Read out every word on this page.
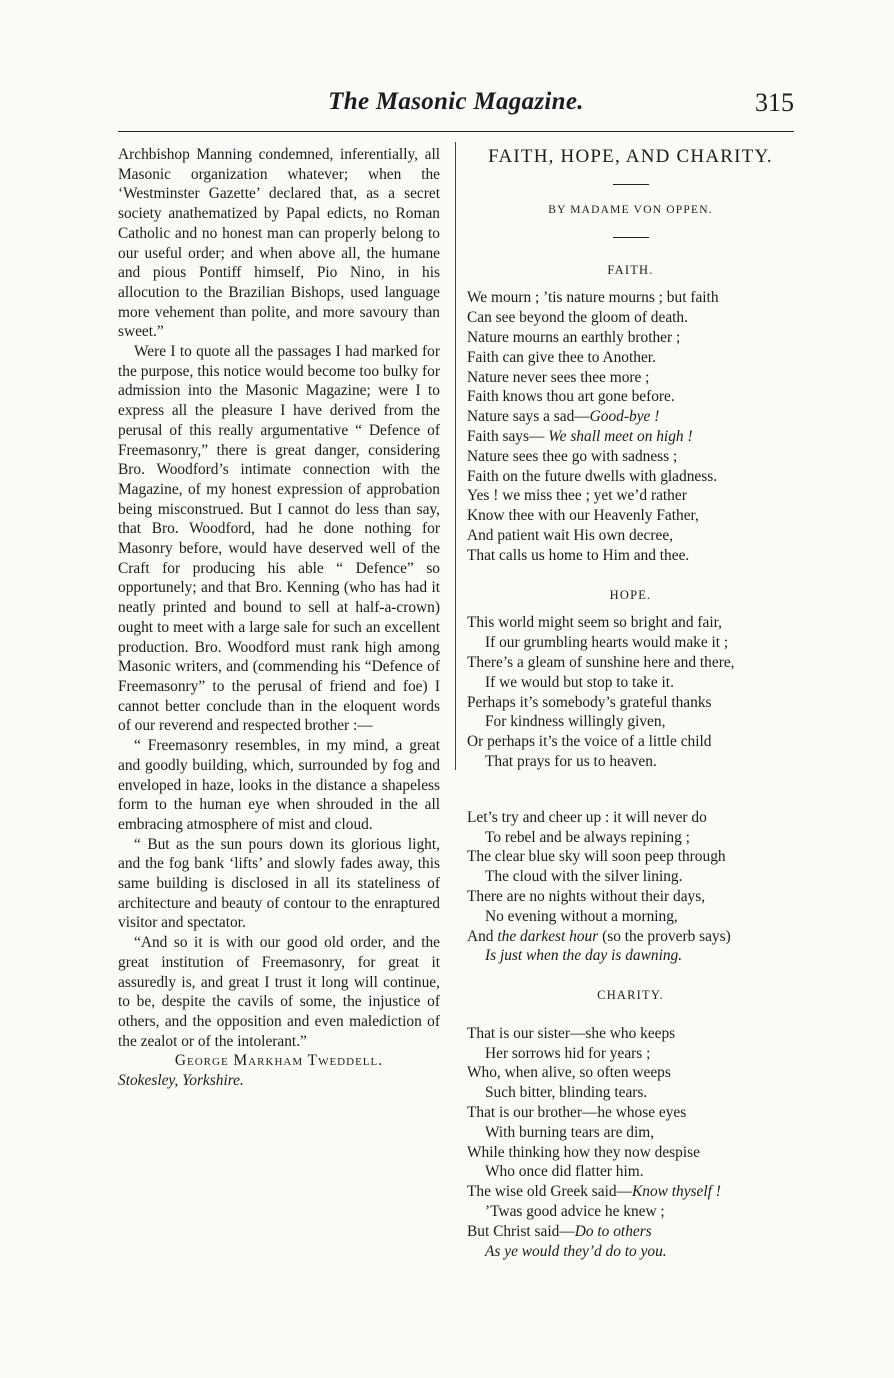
The Masonic Magazine.	315

Archbishop Manning condemned, inferentially, all Masonic organization whatever; when the ‘Westminster Gazette’ declared that, as a secret society anathematized by Papal edicts, no Roman Catholic and no honest man can properly belong to our useful order; and when above all, the humane and pious Pontiff himself, Pio Nino, in his allocution to the Brazilian Bishops, used language more vehement than polite, and more savoury than sweet.”

Were I to quote all the passages I had marked for the purpose, this notice would become too bulky for admission into the Masonic Magazine; were I to express all the pleasure I have derived from the perusal of this really argumentative “ Defence of Freemasonry,” there is great danger, considering Bro. Woodford’s intimate connection with the Magazine, of my honest expression of approbation being misconstrued. But I cannot do less than say, that Bro. Woodford, had he done nothing for Masonry before, would have deserved well of the Craft for producing his able “ Defence” so opportunely; and that Bro. Kenning (who has had it neatly printed and bound to sell at half-a-crown) ought to meet with a large sale for such an excellent production. Bro. Woodford must rank high among Masonic writers, and (commending his “Defence of Freemasonry” to the perusal of friend and foe) I cannot better conclude than in the eloquent words of our reverend and respected brother :—

“ Freemasonry resembles, in my mind, a great and goodly building, which, surrounded by fog and enveloped in haze, looks in the distance a shapeless form to the human eye when shrouded in the all embracing atmosphere of mist and cloud.

“ But as the sun pours down its glorious light, and the fog bank ‘lifts’ and slowly fades away, this same building is disclosed in all its stateliness of architecture and beauty of contour to the enraptured visitor and spectator.

“And so it is with our good old order, and the great institution of Freemasonry, for great it assuredly is, and great I trust it long will continue, to be, despite the cavils of some, the injustice of others, and the opposition and even malediction of the zealot or of the intolerant.”

George Markham Tweddell.

Stokesley, Yorkshire.

FAITH, HOPE, AND CHARITY.

BY MADAME VON OPPEN.

FAITH.

We mourn ; ’tis nature mourns ; but faith
Can see beyond the gloom of death.
Nature mourns an earthly brother ;
Faith can give thee to Another.
Nature never sees thee more ;
Faith knows thou art gone before.
Nature says a sad—Good-bye !
Faith says— We shall meet on high !
Nature sees thee go with sadness ;
Faith on the future dwells with gladness.
Yes ! we miss thee ; yet we’d rather
Know thee with our Heavenly Father,
And patient wait His own decree,
That calls us home to Him and thee.

HOPE.

This world might seem so bright and fair,
If our grumbling hearts would make it ;
There’s a gleam of sunshine here and there,
If we would but stop to take it.
Perhaps it’s somebody’s grateful thanks
For kindness willingly given,
Or perhaps it’s the voice of a little child
That prays for us to heaven.
Let’s try and cheer up : it will never do
To rebel and be always repining ;
The clear blue sky will soon peep through
The cloud with the silver lining.
There are no nights without their days,
No evening without a morning,
And the darkest hour (so the proverb says)
Is just when the day is dawning.

CHARITY.

That is our sister—she who keeps
Her sorrows hid for years ;
Who, when alive, so often weeps
Such bitter, blinding tears.
That is our brother—he whose eyes
With burning tears are dim,
While thinking how they now despise
Who once did flatter him.
The wise old Greek said—Know thyself !
’Twas good advice he knew ;
But Christ said—Do to others
As ye would they’d do to you.
